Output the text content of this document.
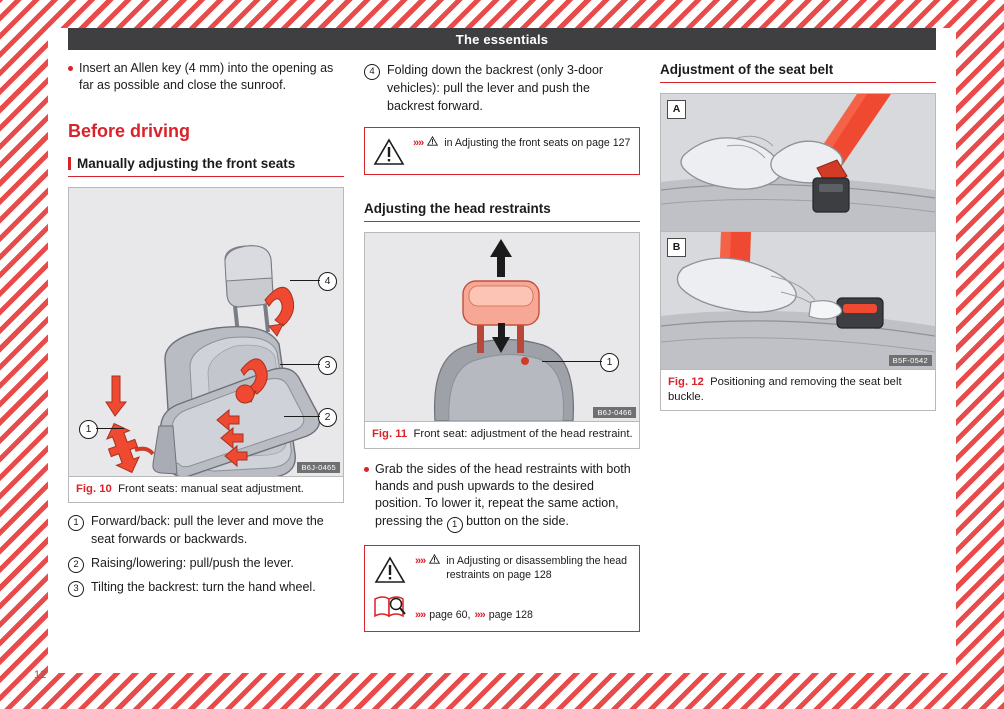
The essentials
12

Insert an Allen key (4 mm) into the opening as far as possible and close the sunroof.

Before driving
Manually adjusting the front seats
4
3
2
1
B6J-0465
Fig. 10 Front seats: manual seat adjustment.
1 Forward/back: pull the lever and move the seat forwards or backwards.
2 Raising/lowering: pull/push the lever.
3 Tilting the backrest: turn the hand wheel.
4 Folding down the backrest (only 3-door vehicles): pull the lever and push the backrest forward.
»» in Adjusting the front seats on page 127
Adjusting the head restraints
1
B6J-0466
Fig. 11 Front seat: adjustment of the head restraint.

Grab the sides of the head restraints with both hands and push upwards to the desired position. To lower it, repeat the same action, pressing the 1 button on the side.

»» in Adjusting or disassembling the head restraints on page 128
»» page 60, »» page 128
Adjustment of the seat belt
A
B
B5F-0542
Fig. 12 Positioning and removing the seat belt buckle.
